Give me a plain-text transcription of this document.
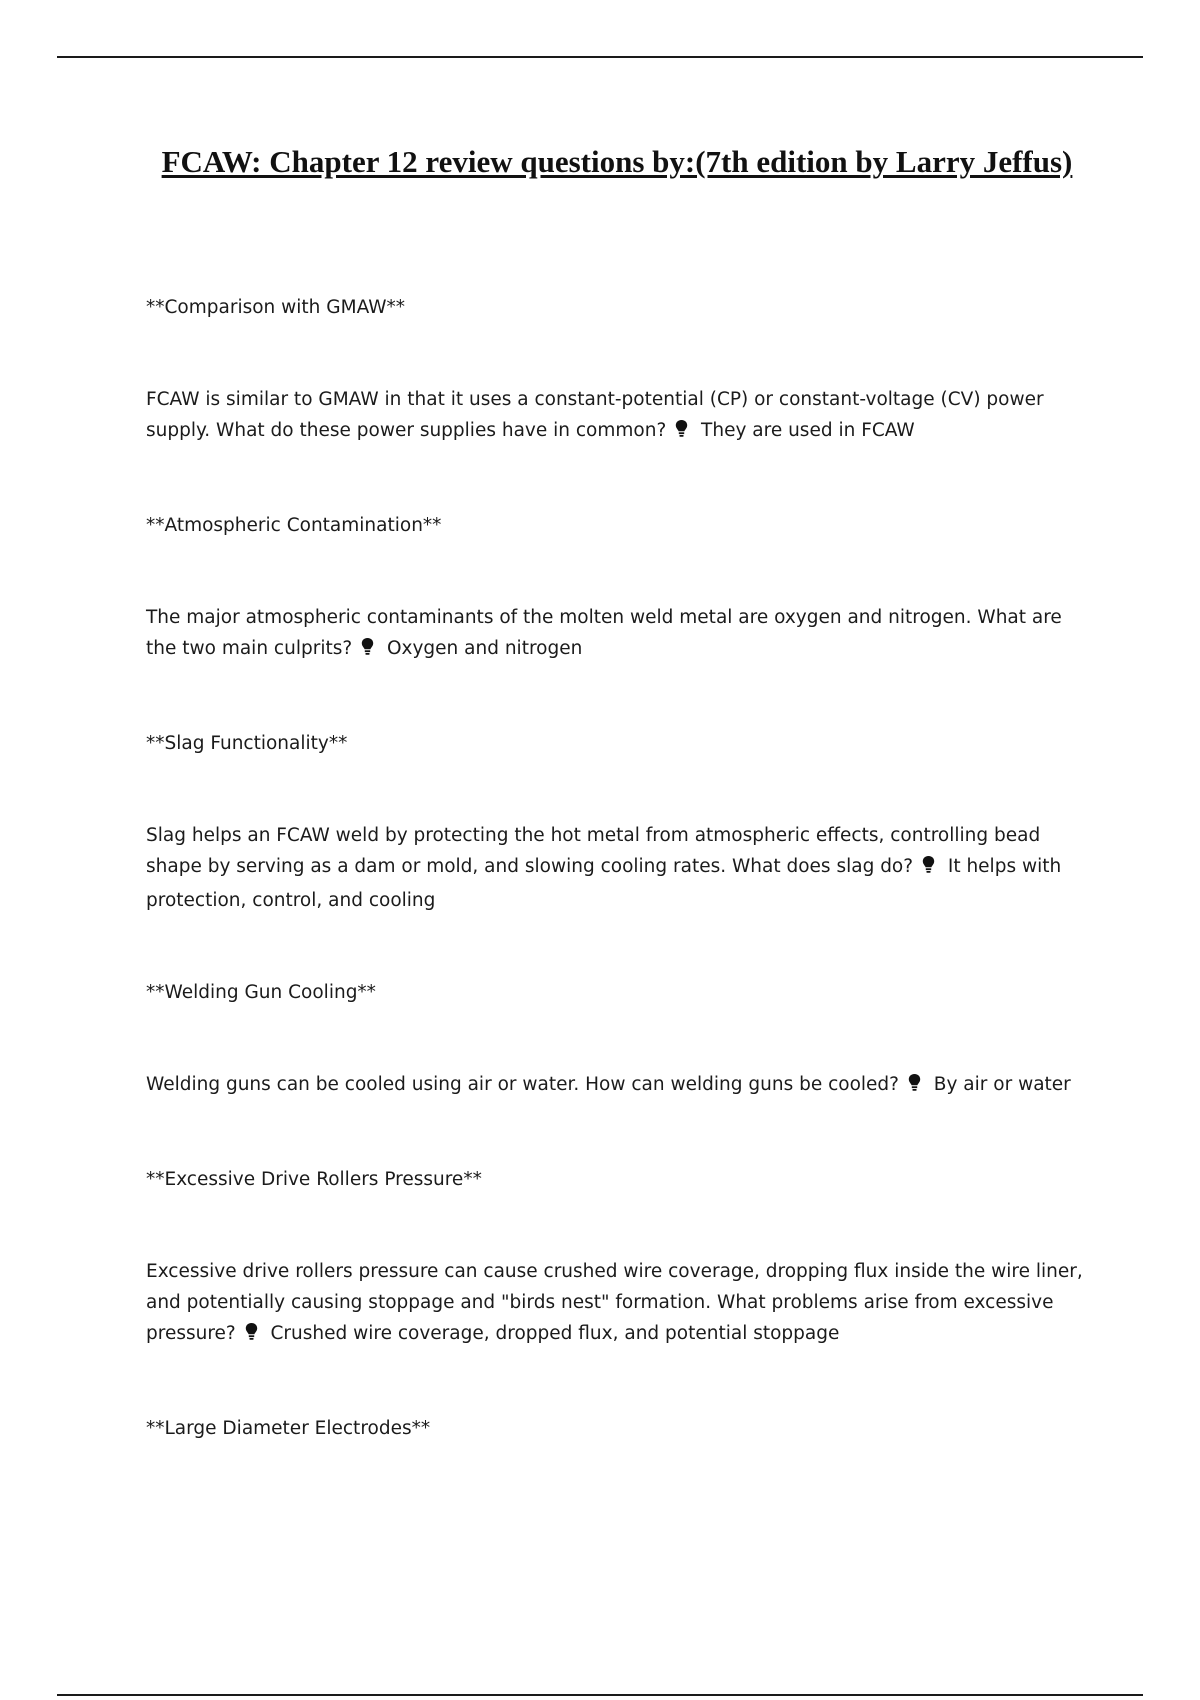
FCAW: Chapter 12 review questions by:(7th edition by Larry Jeffus)

**Comparison with GMAW**

FCAW is similar to GMAW in that it uses a constant-potential (CP) or constant-voltage (CV) power supply. What do these power supplies have in common? They are used in FCAW

**Atmospheric Contamination**

The major atmospheric contaminants of the molten weld metal are oxygen and nitrogen. What are the two main culprits? Oxygen and nitrogen

**Slag Functionality**

Slag helps an FCAW weld by protecting the hot metal from atmospheric effects, controlling bead shape by serving as a dam or mold, and slowing cooling rates. What does slag do? It helps with protection, control, and cooling

**Welding Gun Cooling**

Welding guns can be cooled using air or water. How can welding guns be cooled? By air or water

**Excessive Drive Rollers Pressure**

Excessive drive rollers pressure can cause crushed wire coverage, dropping flux inside the wire liner, and potentially causing stoppage and "birds nest" formation. What problems arise from excessive pressure? Crushed wire coverage, dropped flux, and potential stoppage

**Large Diameter Electrodes**
